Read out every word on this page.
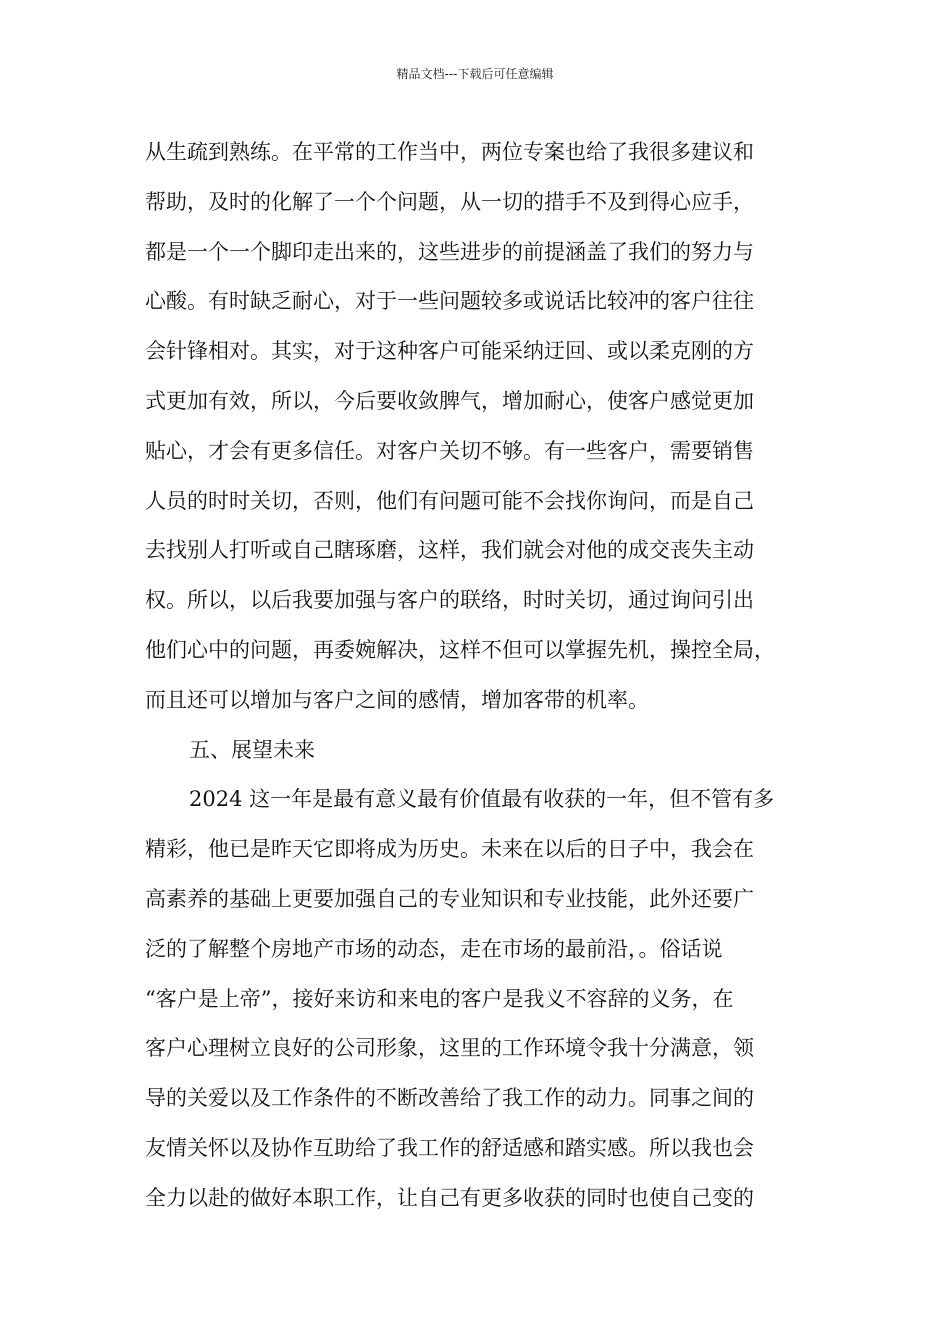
精品文档---下载后可任意编辑
从生疏到熟练。在平常的工作当中，两位专案也给了我很多建议和
帮助，及时的化解了一个个问题，从一切的措手不及到得心应手，
都是一个一个脚印走出来的，这些进步的前提涵盖了我们的努力与
心酸。有时缺乏耐心，对于一些问题较多或说话比较冲的客户往往
会针锋相对。其实，对于这种客户可能采纳迂回、或以柔克刚的方
式更加有效，所以，今后要收敛脾气，增加耐心，使客户感觉更加
贴心，才会有更多信任。对客户关切不够。有一些客户，需要销售
人员的时时关切，否则，他们有问题可能不会找你询问，而是自己
去找别人打听或自己瞎琢磨，这样，我们就会对他的成交丧失主动
权。所以，以后我要加强与客户的联络，时时关切，通过询问引出
他们心中的问题，再委婉解决，这样不但可以掌握先机，操控全局，
而且还可以增加与客户之间的感情，增加客带的机率。
五、展望未来
2024 这一年是最有意义最有价值最有收获的一年，但不管有多
精彩，他已是昨天它即将成为历史。未来在以后的日子中，我会在
高素养的基础上更要加强自己的专业知识和专业技能，此外还要广
泛的了解整个房地产市场的动态，走在市场的最前沿，。俗话说
“客户是上帝”，接好来访和来电的客户是我义不容辞的义务，在
客户心理树立良好的公司形象，这里的工作环境令我十分满意，领
导的关爱以及工作条件的不断改善给了我工作的动力。同事之间的
友情关怀以及协作互助给了我工作的舒适感和踏实感。所以我也会
全力以赴的做好本职工作，让自己有更多收获的同时也使自己变的
